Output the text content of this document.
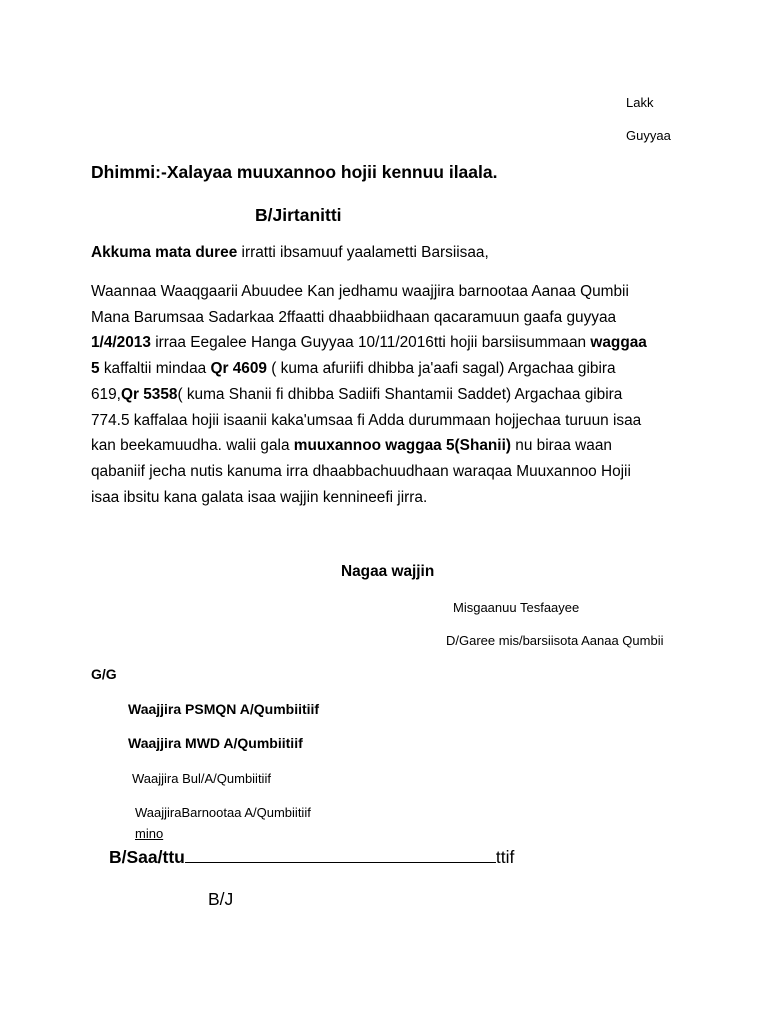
Lakk
Guyyaa
Dhimmi:-Xalayaa muuxannoo hojii kennuu ilaala.
B/Jirtanitti
Akkuma mata duree irratti ibsamuuf yaalametti Barsiisaa,
Waannaa Waaqgaarii Abuudee Kan jedhamu waajjira barnootaa Aanaa Qumbii
Mana Barumsaa Sadarkaa 2ffaatti dhaabbiidhaan qacaramuun gaafa guyyaa
1/4/2013 irraa Eegalee Hanga Guyyaa 10/11/2016tti hojii barsiisummaan waggaa
5 kaffaltii mindaa Qr 4609 ( kuma afuriifi dhibba ja'aafi sagal) Argachaa gibira
619,Qr 5358( kuma Shanii fi dhibba Sadiifi Shantamii Saddet) Argachaa gibira
774.5 kaffalaa hojii isaanii kaka'umsaa fi Adda durummaan hojjechaa turuun isaa
kan beekamuudha. walii gala muuxannoo waggaa 5(Shanii) nu biraa waan
qabaniif jecha nutis kanuma irra dhaabbachuudhaan waraqaa Muuxannoo Hojii
isaa ibsitu kana galata isaa wajjin kennineefi jirra.
Nagaa wajjin
Misgaanuu Tesfaayee
D/Garee mis/barsiisota Aanaa Qumbii
G/G
Waajjira PSMQN A/Qumbiitiif
Waajjira MWD A/Qumbiitiif
Waajjira Bul/A/Qumbiitiif
WaajjiraBarnootaa A/Qumbiitiif
mino
B/Saa/ttu	ttif
B/J
